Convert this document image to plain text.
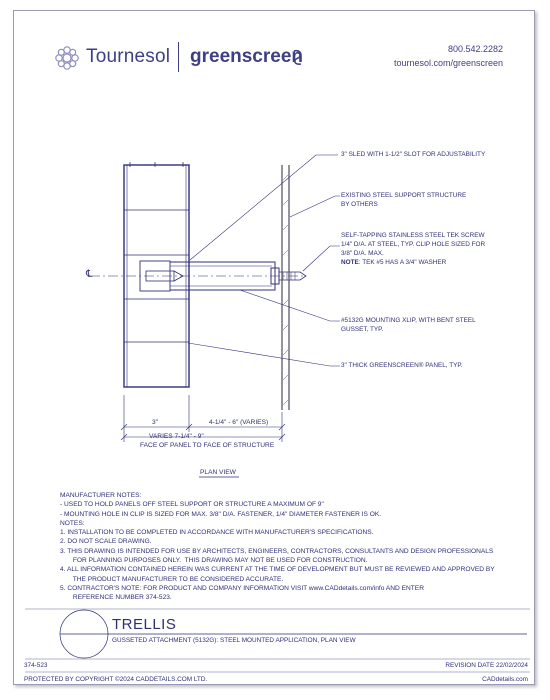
Tournesol greenscreen	800.542.2282
tournesol.com/greenscreen
℄
3" SLED WITH 1-1/2" SLOT FOR ADJUSTABILITY
EXISTING STEEL SUPPORT STRUCTURE
BY OTHERS
SELF-TAPPING STAINLESS STEEL TEK SCREW
1/4" D/A. AT STEEL, TYP. CLIP HOLE SIZED FOR
3/8" D/A. MAX.
NOTE: TEK #5 HAS A 3/4" WASHER
#5132G MOUNTING XLIP, WITH BENT STEEL
GUSSET, TYP.
3" THICK GREENSCREEN® PANEL, TYP.
3"	4-1/4" - 6" (VARIES)
VARIES 7-1/4" - 9"
FACE OF PANEL TO FACE OF STRUCTURE
PLAN VIEW
MANUFACTURER NOTES:
- USED TO HOLD PANELS OFF STEEL SUPPORT OR STRUCTURE A MAXIMUM OF 9"
- MOUNTING HOLE IN CLIP IS SIZED FOR MAX. 3/8" D/A. FASTENER, 1/4" DIAMETER FASTENER IS OK.
NOTES:
1. INSTALLATION TO BE COMPLETED IN ACCORDANCE WITH MANUFACTURER'S SPECIFICATIONS.
2. DO NOT SCALE DRAWING.
3. THIS DRAWING IS INTENDED FOR USE BY ARCHITECTS, ENGINEERS, CONTRACTORS, CONSULTANTS AND DESIGN PROFESSIONALS
FOR PLANNING PURPOSES ONLY.  THIS DRAWING MAY NOT BE USED FOR CONSTRUCTION.
4. ALL INFORMATION CONTAINED HEREIN WAS CURRENT AT THE TIME OF DEVELOPMENT BUT MUST BE REVIEWED AND APPROVED BY
THE PRODUCT MANUFACTURER TO BE CONSIDERED ACCURATE.
5. CONTRACTOR'S NOTE: FOR PRODUCT AND COMPANY INFORMATION VISIT www.CADdetails.com/info AND ENTER
REFERENCE NUMBER 374-523.
TRELLIS
GUSSETED ATTACHMENT (5132G): STEEL MOUNTED APPLICATION, PLAN VIEW
374-523	REVISION DATE 22/02/2024
PROTECTED BY COPYRIGHT ©2024 CADDETAILS.COM LTD.	CADdetails.com
